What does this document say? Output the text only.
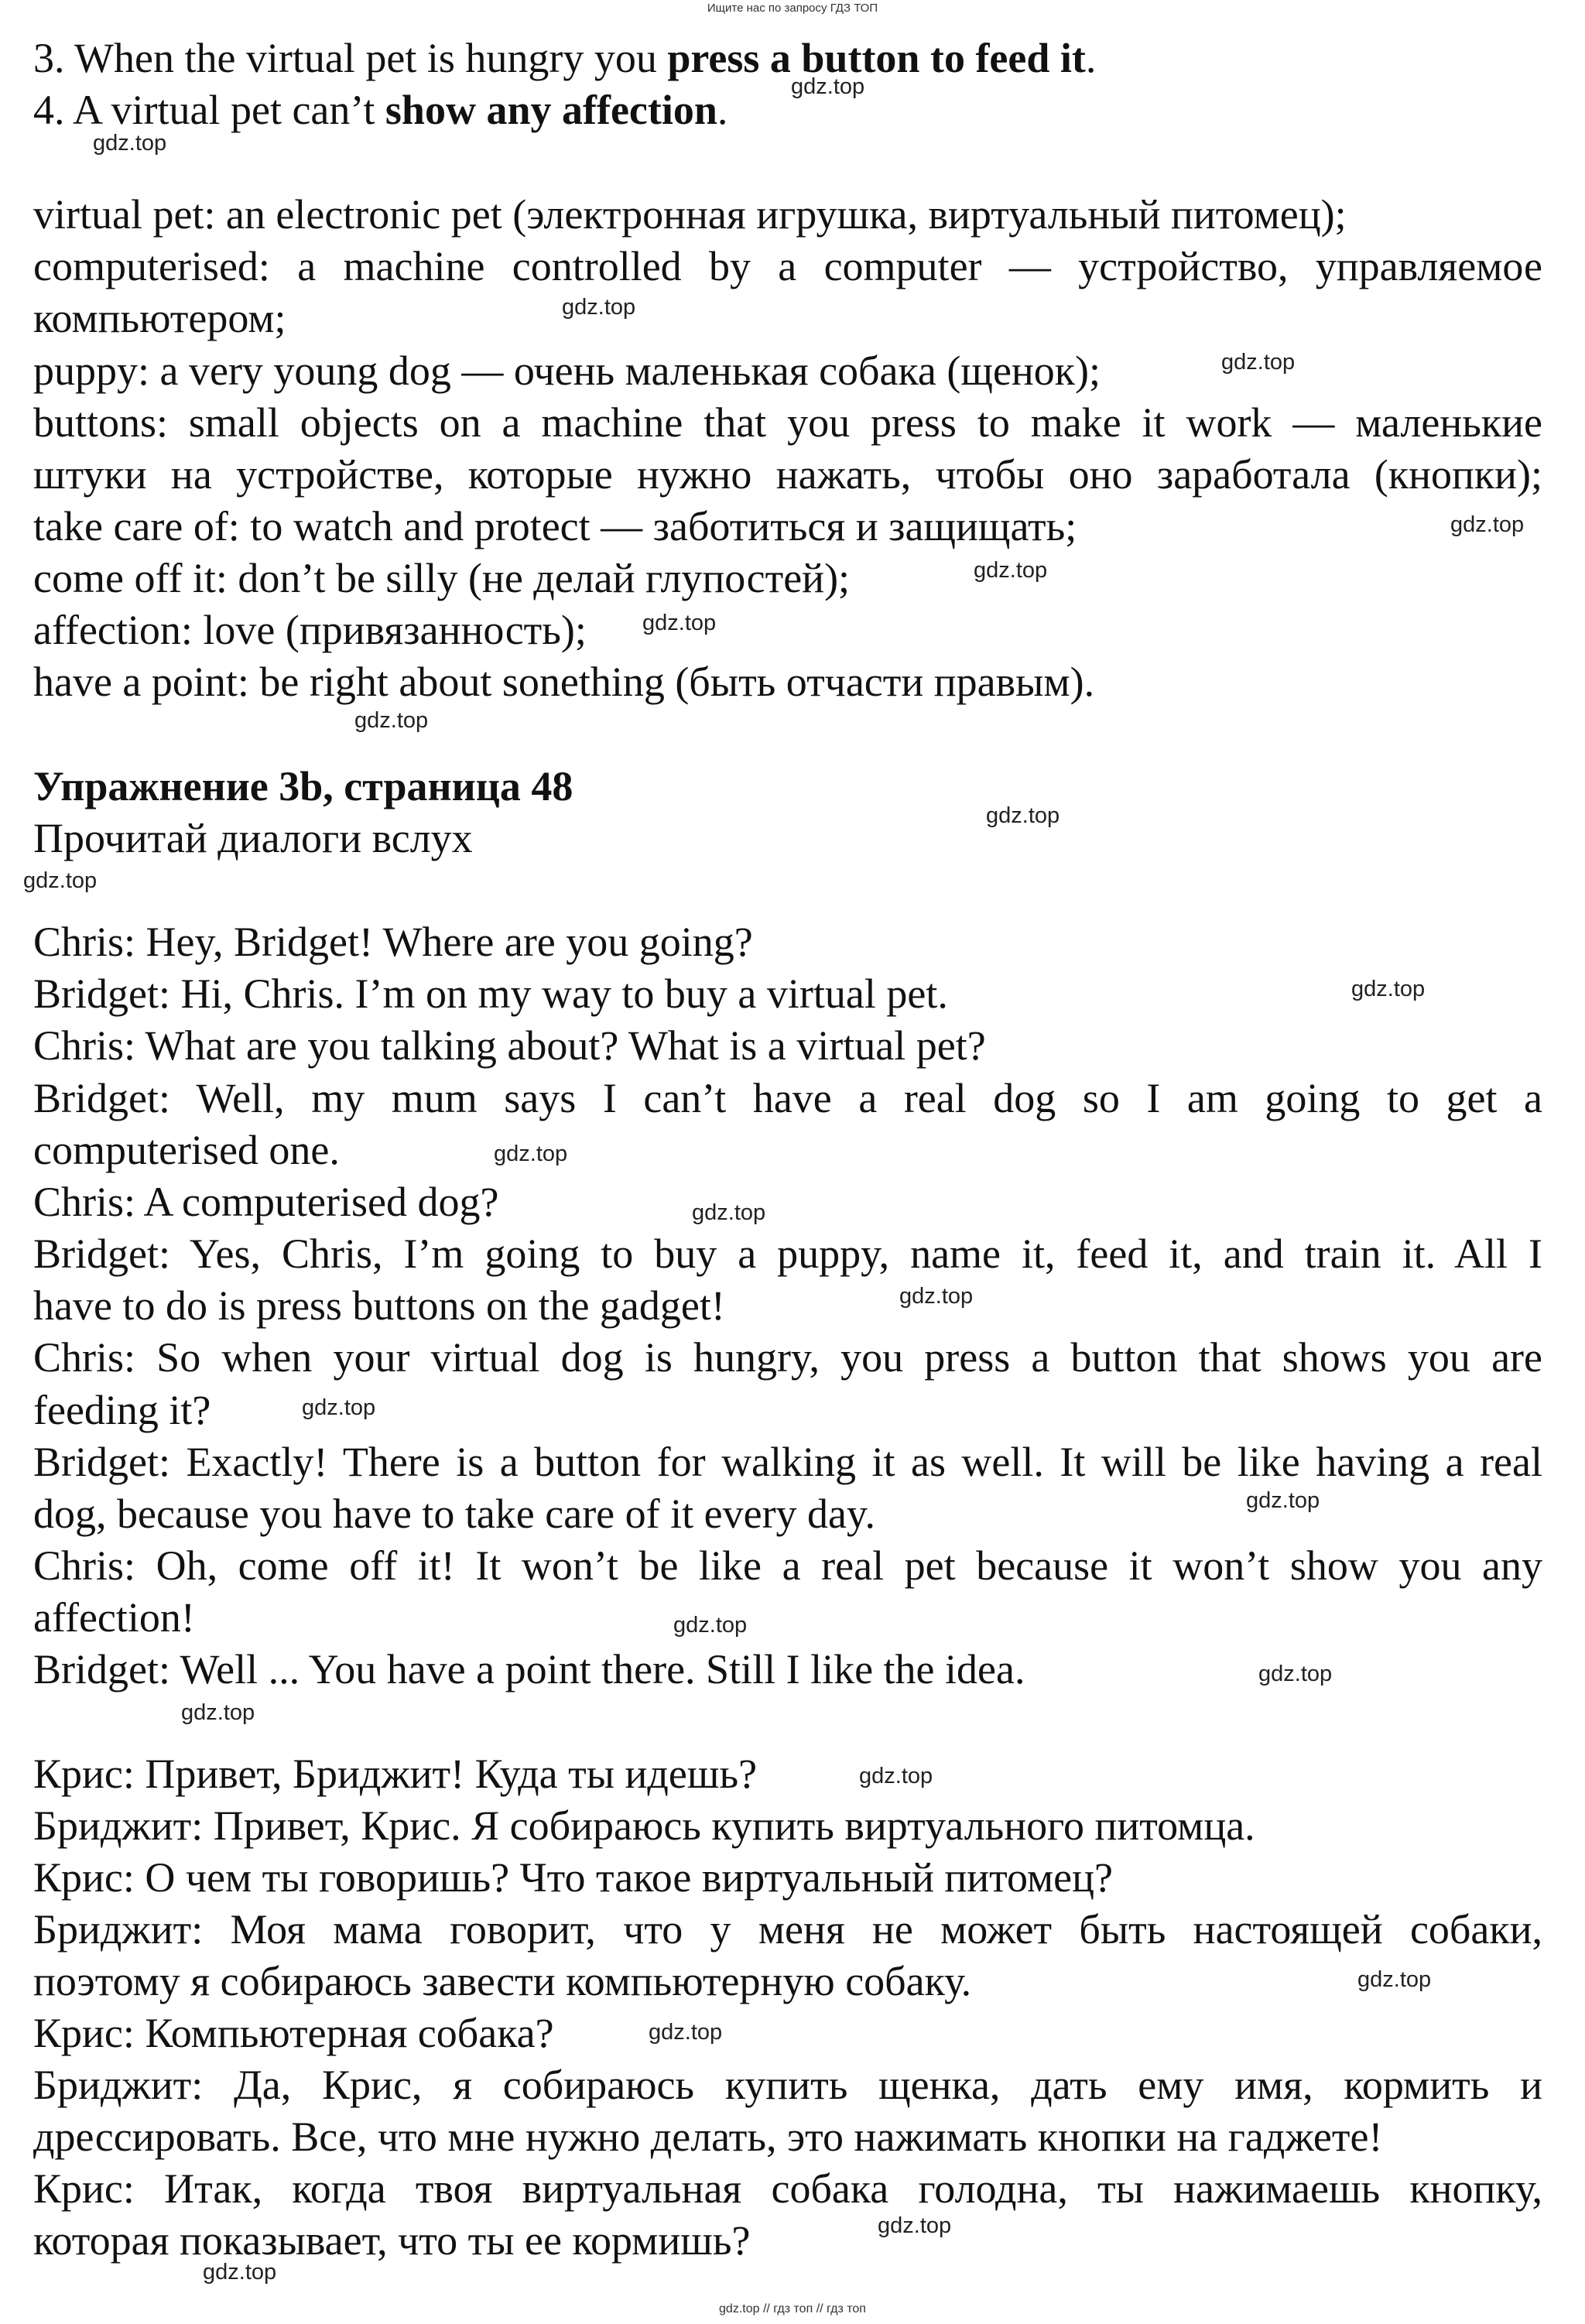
Ищите нас по запросу ГДЗ ТОП
3. When the virtual pet is hungry you press a button to feed it.
4. A virtual pet can’t show any affection.
virtual pet: an electronic pet (электронная игрушка, виртуальный питомец);
computerised: a machine controlled by a computer — устройство, управляемое
компьютером;
puppy: a very young dog — очень маленькая собака (щенок);
buttons: small objects on a machine that you press to make it work — маленькие
штуки на устройстве, которые нужно нажать, чтобы оно заработала (кнопки);
take care of: to watch and protect — заботиться и защищать;
come off it: don’t be silly (не делай глупостей);
affection: love (привязанность);
have a point: be right about sonething (быть отчасти правым).
Упражнение 3b, страница 48
Прочитай диалоги вслух
Chris: Hey, Bridget! Where are you going?
Bridget: Hi, Chris. I’m on my way to buy a virtual pet.
Chris: What are you talking about? What is a virtual pet?
Bridget: Well, my mum says I can’t have a real dog so I am going to get a
computerised one.
Chris: A computerised dog?
Bridget: Yes, Chris, I’m going to buy a puppy, name it, feed it, and train it. All I
have to do is press buttons on the gadget!
Chris: So when your virtual dog is hungry, you press a button that shows you are
feeding it?
Bridget: Exactly! There is a button for walking it as well. It will be like having a real
dog, because you have to take care of it every day.
Chris: Oh, come off it! It won’t be like a real pet because it won’t show you any
affection!
Bridget: Well ... You have a point there. Still I like the idea.
Крис: Привет, Бриджит! Куда ты идешь?
Бриджит: Привет, Крис. Я собираюсь купить виртуального питомца.
Крис: О чем ты говоришь? Что такое виртуальный питомец?
Бриджит: Моя мама говорит, что у меня не может быть настоящей собаки,
поэтому я собираюсь завести компьютерную собаку.
Крис: Компьютерная собака?
Бриджит: Да, Крис, я собираюсь купить щенка, дать ему имя, кормить и
дрессировать. Все, что мне нужно делать, это нажимать кнопки на гаджете!
Крис: Итак, когда твоя виртуальная собака голодна, ты нажимаешь кнопку,
которая показывает, что ты ее кормишь?
gdz.top
gdz.top
gdz.top
gdz.top
gdz.top
gdz.top
gdz.top
gdz.top
gdz.top
gdz.top
gdz.top
gdz.top
gdz.top
gdz.top
gdz.top
gdz.top
gdz.top
gdz.top
gdz.top
gdz.top
gdz.top
gdz.top
gdz.top
gdz.top
gdz.top // гдз топ // гдз топ
